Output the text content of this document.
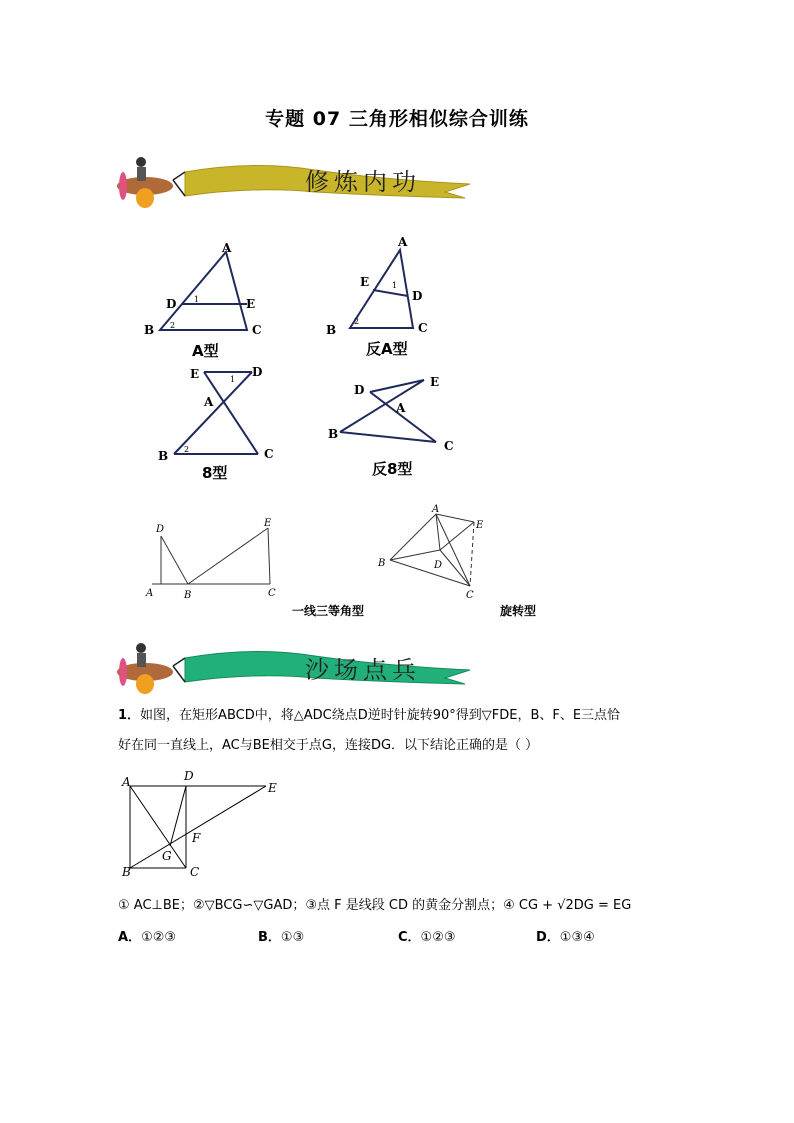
专题 07 三角形相似综合训练
修炼内功
A
D	E
B	C
1
2
A
E
D
B	C
1
2
E	D
A
B	C
1
2
D
E
A
B
C
A型	反A型
8型	反8型
D
E
A	B	C
A
E
B	D
C
一线三等角型	旋转型
沙场点兵
1．如图，在矩形ABCD中，将△ADC绕点D逆时针旋转90°得到▽FDE，B、F、E三点恰
好在同一直线上，AC与BE相交于点G，连接DG．以下结论正确的是（ ）
A	D
E
F
G
B	C
① AC⊥BE；②▽BCG∽▽GAD；③点 F 是线段 CD 的黄金分割点；④ CG + √2DG = EG
A．①②③	B．①③	C．①②③	D．①③④
